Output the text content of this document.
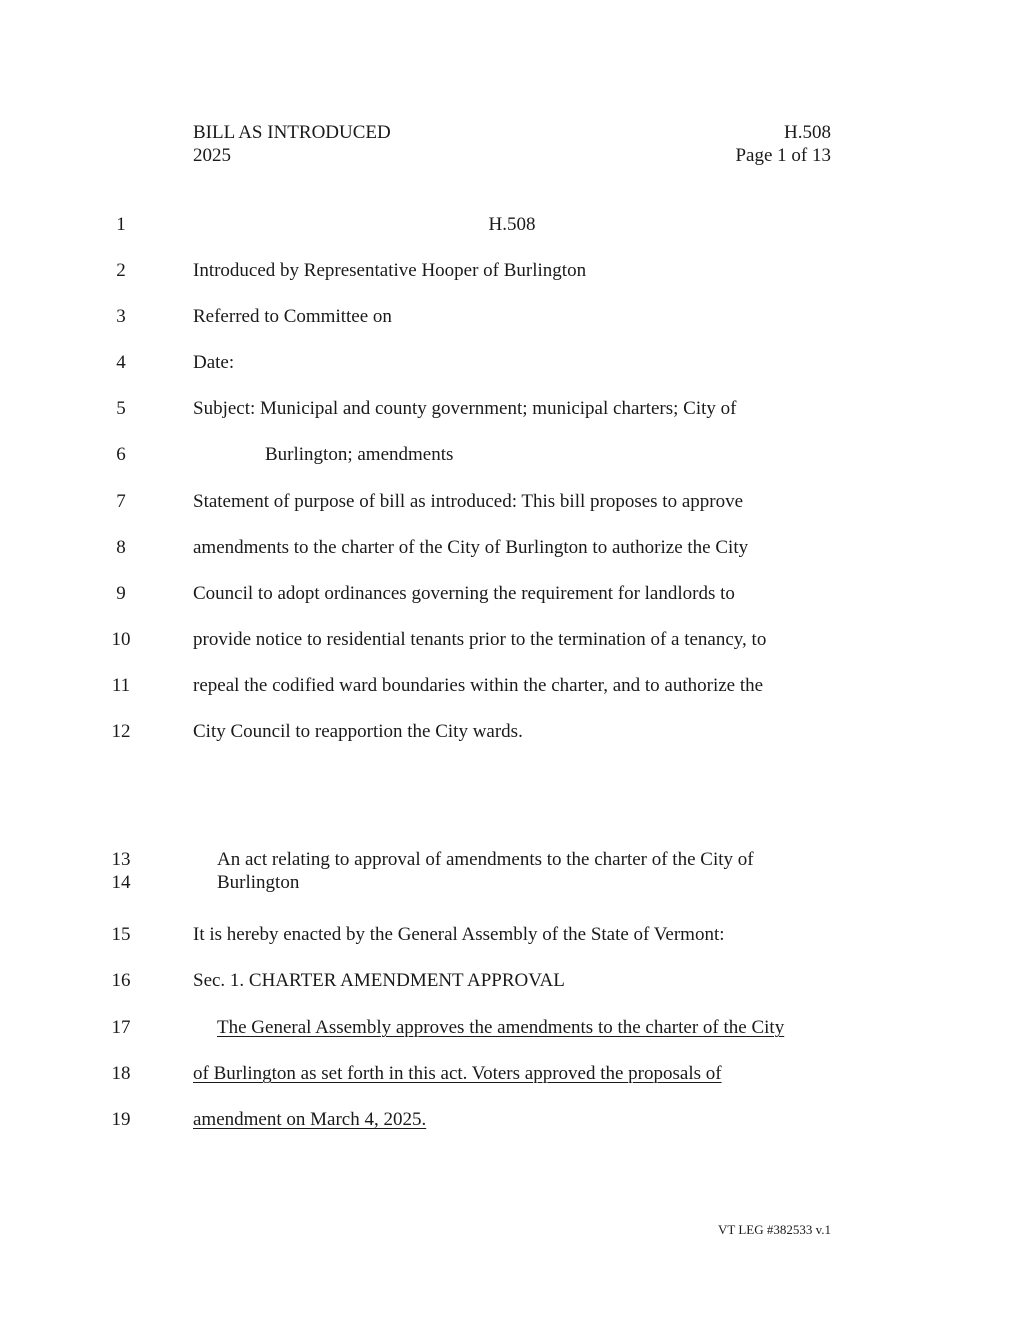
BILL AS INTRODUCED	H.508
2025	Page 1 of 13
1	H.508
2	Introduced by Representative Hooper of Burlington
3	Referred to Committee on
4	Date:
5	Subject: Municipal and county government; municipal charters; City of
6	Burlington; amendments
7	Statement of purpose of bill as introduced: This bill proposes to approve
8	amendments to the charter of the City of Burlington to authorize the City
9	Council to adopt ordinances governing the requirement for landlords to
10	provide notice to residential tenants prior to the termination of a tenancy, to
11	repeal the codified ward boundaries within the charter, and to authorize the
12	City Council to reapportion the City wards.
13	An act relating to approval of amendments to the charter of the City of
14	Burlington
15	It is hereby enacted by the General Assembly of the State of Vermont:
16	Sec. 1. CHARTER AMENDMENT APPROVAL
17	The General Assembly approves the amendments to the charter of the City
18	of Burlington as set forth in this act. Voters approved the proposals of
19	amendment on March 4, 2025.
VT LEG #382533 v.1
